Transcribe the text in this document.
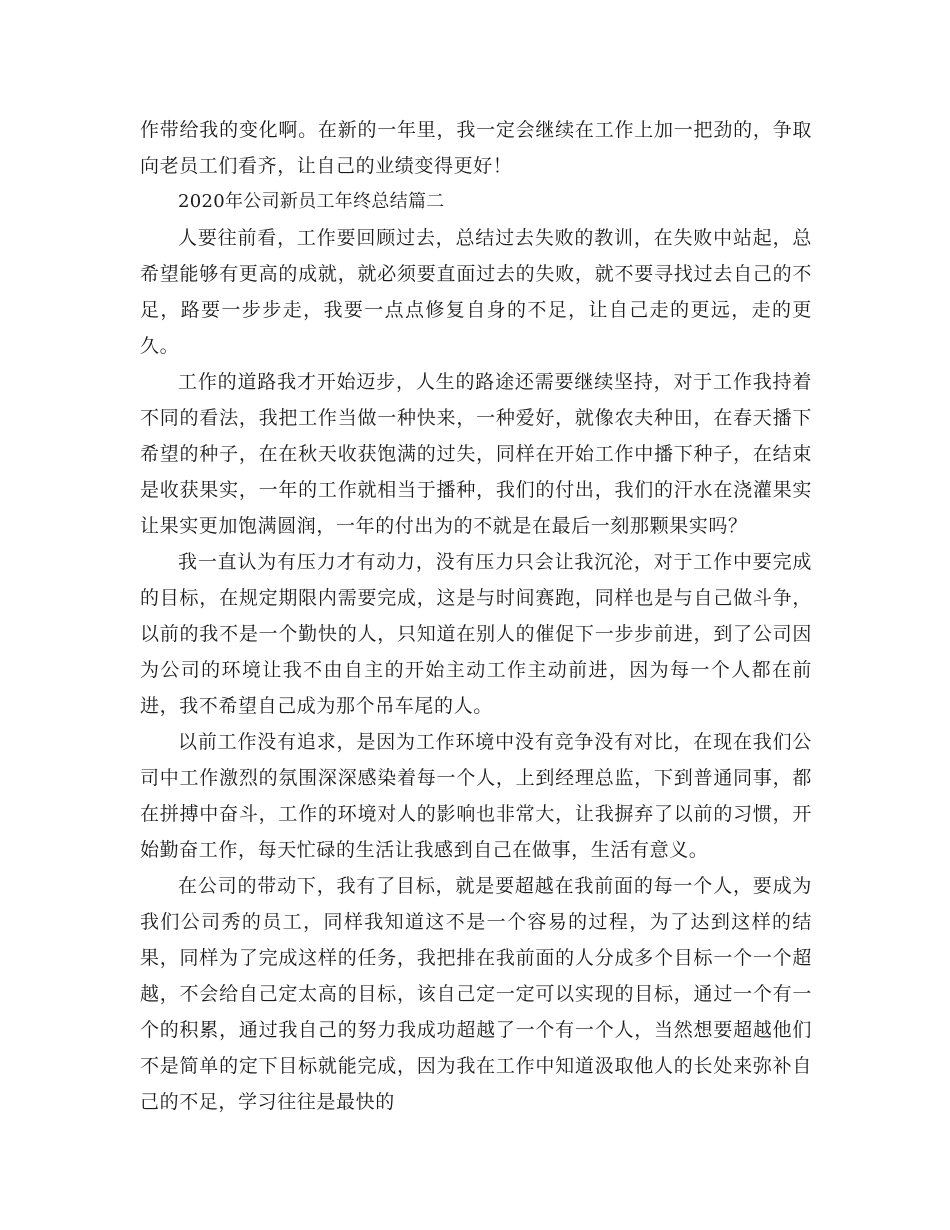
作带给我的变化啊。在新的一年里，我一定会继续在工作上加一把劲的，争取向老员工们看齐，让自己的业绩变得更好！

2020年公司新员工年终总结篇二

人要往前看，工作要回顾过去，总结过去失败的教训，在失败中站起，总希望能够有更高的成就，就必须要直面过去的失败，就不要寻找过去自己的不足，路要一步步走，我要一点点修复自身的不足，让自己走的更远，走的更久。

工作的道路我才开始迈步，人生的路途还需要继续坚持，对于工作我持着不同的看法，我把工作当做一种快来，一种爱好，就像农夫种田，在春天播下希望的种子，在在秋天收获饱满的过失，同样在开始工作中播下种子，在结束是收获果实，一年的工作就相当于播种，我们的付出，我们的汗水在浇灌果实让果实更加饱满圆润，一年的付出为的不就是在最后一刻那颗果实吗？

我一直认为有压力才有动力，没有压力只会让我沉沦，对于工作中要完成的目标，在规定期限内需要完成，这是与时间赛跑，同样也是与自己做斗争，以前的我不是一个勤快的人，只知道在别人的催促下一步步前进，到了公司因为公司的环境让我不由自主的开始主动工作主动前进，因为每一个人都在前进，我不希望自己成为那个吊车尾的人。

以前工作没有追求，是因为工作环境中没有竞争没有对比，在现在我们公司中工作激烈的氛围深深感染着每一个人，上到经理总监，下到普通同事，都在拼搏中奋斗，工作的环境对人的影响也非常大，让我摒弃了以前的习惯，开始勤奋工作，每天忙碌的生活让我感到自己在做事，生活有意义。

在公司的带动下，我有了目标，就是要超越在我前面的每一个人，要成为我们公司秀的员工，同样我知道这不是一个容易的过程，为了达到这样的结果，同样为了完成这样的任务，我把排在我前面的人分成多个目标一个一个超越，不会给自己定太高的目标，该自己定一定可以实现的目标，通过一个有一个的积累，通过我自己的努力我成功超越了一个有一个人，当然想要超越他们不是简单的定下目标就能完成，因为我在工作中知道汲取他人的长处来弥补自己的不足，学习往往是最快的
